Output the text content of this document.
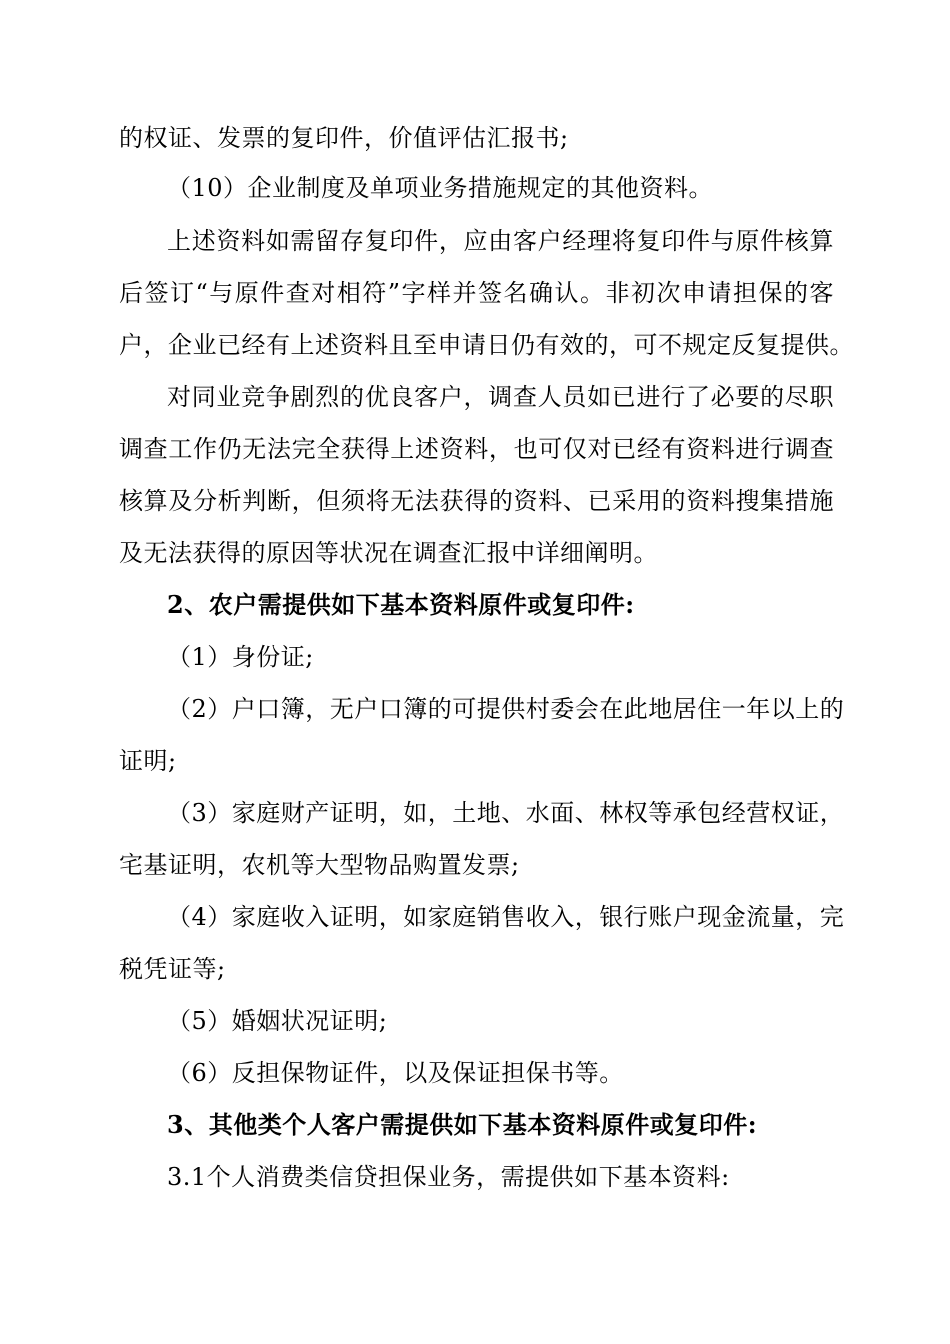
的权证、发票的复印件，价值评估汇报书;
（10）企业制度及单项业务措施规定的其他资料。
上述资料如需留存复印件，应由客户经理将复印件与原件核算
后签订“与原件查对相符”字样并签名确认。非初次申请担保的客
户，企业已经有上述资料且至申请日仍有效的，可不规定反复提供。
对同业竞争剧烈的优良客户，调查人员如已进行了必要的尽职
调查工作仍无法完全获得上述资料，也可仅对已经有资料进行调查
核算及分析判断，但须将无法获得的资料、已采用的资料搜集措施
及无法获得的原因等状况在调查汇报中详细阐明。
2、农户需提供如下基本资料原件或复印件:
（1）身份证;
（2）户口簿，无户口簿的可提供村委会在此地居住一年以上的
证明;
（3）家庭财产证明，如，土地、水面、林权等承包经营权证，
宅基证明，农机等大型物品购置发票;
（4）家庭收入证明，如家庭销售收入，银行账户现金流量，完
税凭证等;
（5）婚姻状况证明;
（6）反担保物证件，以及保证担保书等。
3、其他类个人客户需提供如下基本资料原件或复印件:
3.1个人消费类信贷担保业务，需提供如下基本资料:
